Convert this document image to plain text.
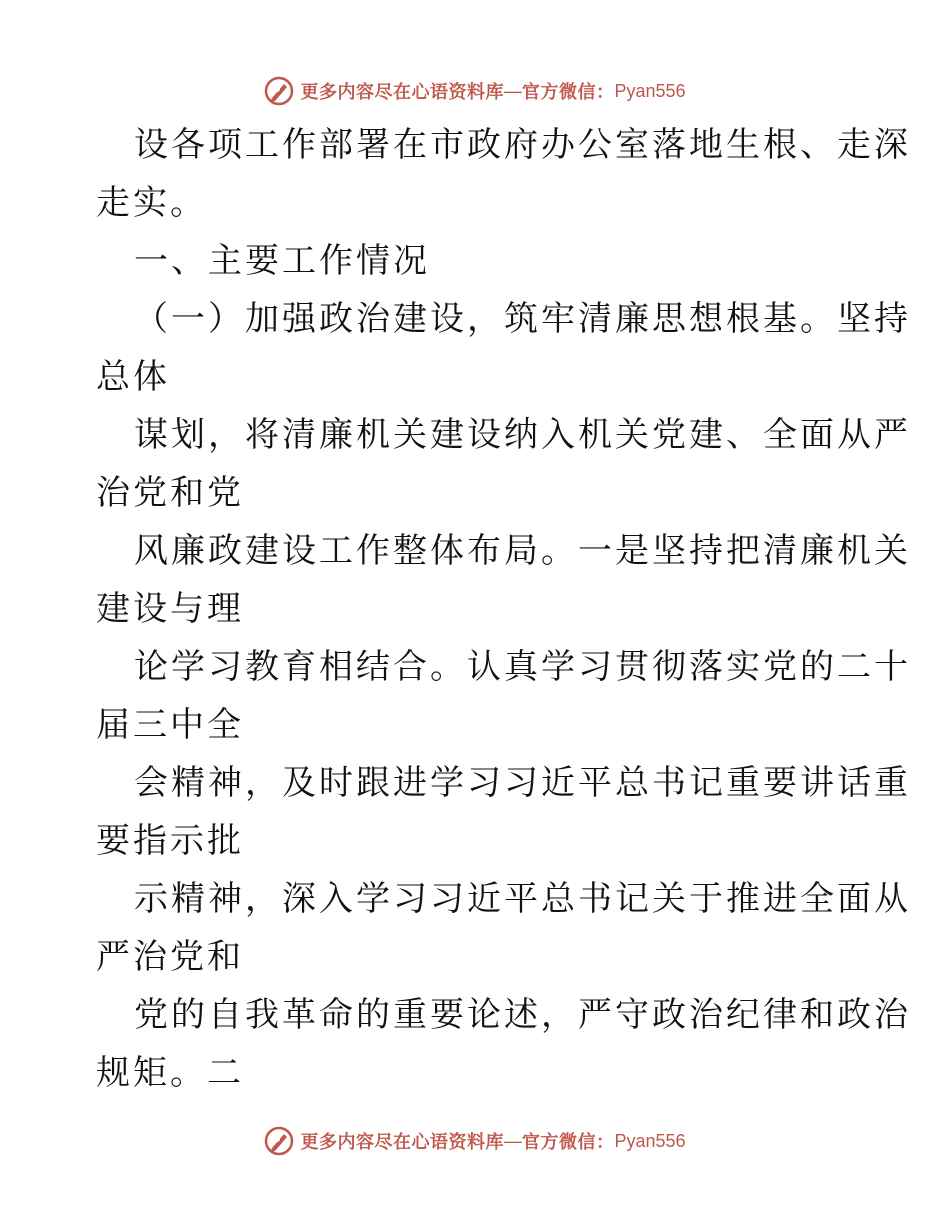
更多内容尽在心语资料库 — 官方微信： Pyan556
设各项工作部署在市政府办公室落地生根、走深
走实。
一、主要工作情况
（一）加强政治建设，筑牢清廉思想根基。坚持
总体
谋划，将清廉机关建设纳入机关党建、全面从严
治党和党
风廉政建设工作整体布局。一是坚持把清廉机关
建设与理
论学习教育相结合。认真学习贯彻落实党的二十
届三中全
会精神，及时跟进学习习近平总书记重要讲话重
要指示批
示精神，深入学习习近平总书记关于推进全面从
严治党和
党的自我革命的重要论述，严守政治纪律和政治
规矩。二
更多内容尽在心语资料库 — 官方微信： Pyan556
